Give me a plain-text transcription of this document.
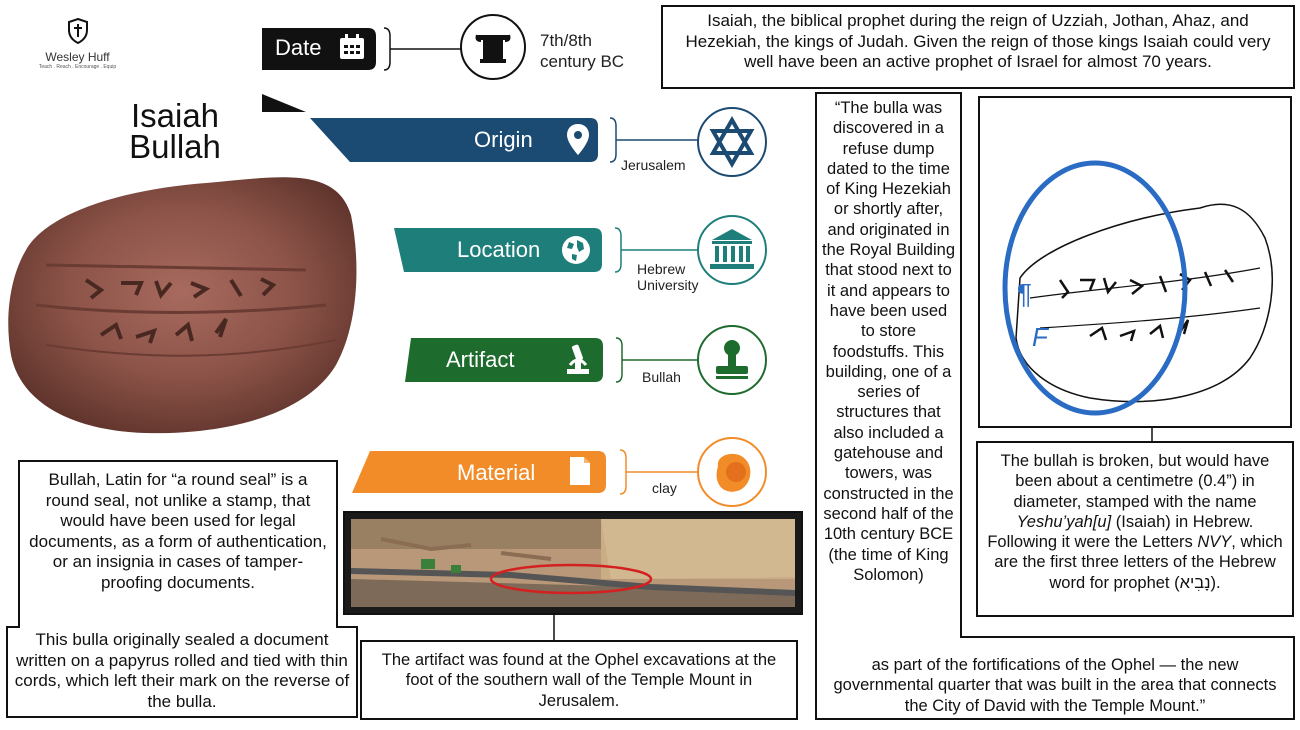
Wesley Huff
Teach . Reach . Encourage . Equip
Isaiah
Bullah
Date	7th/8th
century BC
Origin
Jerusalem
Location
Hebrew
University
Artifact
Bullah
Material
clay
Isaiah, the biblical prophet during the reign of Uzziah, Jothan, Ahaz, and Hezekiah, the kings of Judah. Given the reign of those kings Isaiah could very well have been an active prophet of Israel for almost 70 years.
Bullah, Latin for “a round seal” is a round seal, not unlike a stamp, that would have been used for legal documents, as a form of authentication, or an insignia in cases of tamper-proofing documents.
This bulla originally sealed a document written on a papyrus rolled and tied with thin cords, which left their mark on the reverse of the bulla.
The artifact was found at the Ophel excavations at the foot of the southern wall of the Temple Mount in Jerusalem.
“The bulla was discovered in a refuse dump dated to the time of King Hezekiah or shortly after, and originated in the Royal Building that stood next to it and appears to have been used to store foodstuffs. This building, one of a series of structures that also included a gatehouse and towers, was constructed in the second half of the 10th century BCE (the time of King Solomon)
as part of the fortifications of the Ophel — the new governmental quarter that was built in the area that connects the City of David with the Temple Mount.”
¶
F
The bullah is broken, but would have been about a centimetre (0.4”) in diameter, stamped with the name Yeshu’yah[u] (Isaiah) in Hebrew. Following it were the Letters NVY, which are the first three letters of the Hebrew word for prophet (נָבִיא).
